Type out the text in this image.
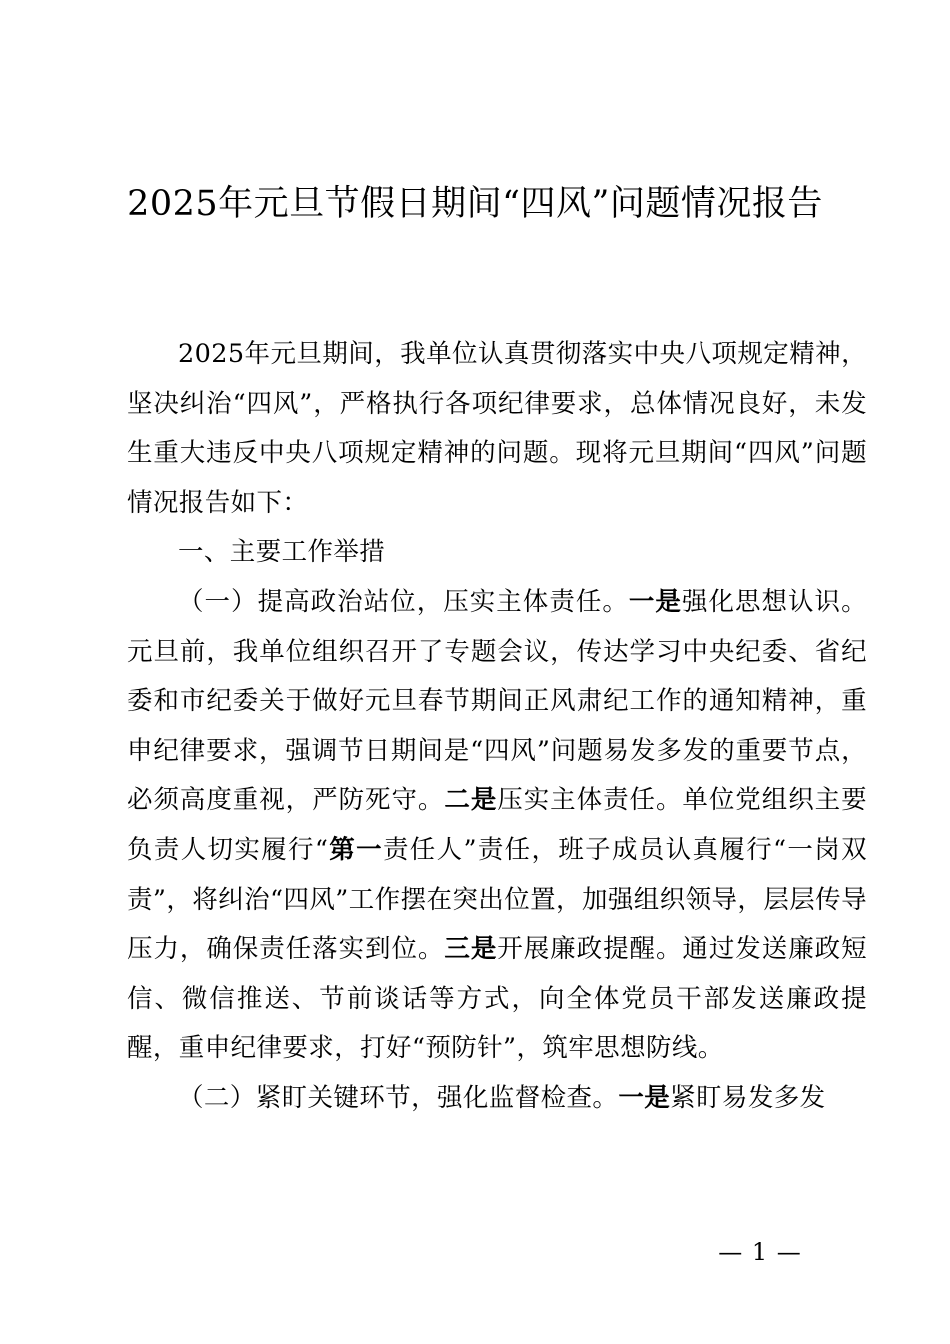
2025年元旦节假日期间“四风”问题情况报告

2025年元旦期间，我单位认真贯彻落实中央八项规定精神，坚决纠治“四风”，严格执行各项纪律要求，总体情况良好，未发生重大违反中央八项规定精神的问题。现将元旦期间“四风”问题情况报告如下：

一、主要工作举措

（一）提高政治站位，压实主体责任。一是强化思想认识。元旦前，我单位组织召开了专题会议，传达学习中央纪委、省纪委和市纪委关于做好元旦春节期间正风肃纪工作的通知精神，重申纪律要求，强调节日期间是“四风”问题易发多发的重要节点，必须高度重视，严防死守。二是压实主体责任。单位党组织主要负责人切实履行“第一责任人”责任，班子成员认真履行“一岗双责”，将纠治“四风”工作摆在突出位置，加强组织领导，层层传导压力，确保责任落实到位。三是开展廉政提醒。通过发送廉政短信、微信推送、节前谈话等方式，向全体党员干部发送廉政提醒，重申纪律要求，打好“预防针”，筑牢思想防线。

（二）紧盯关键环节，强化监督检查。一是紧盯易发多发

— 1 —
